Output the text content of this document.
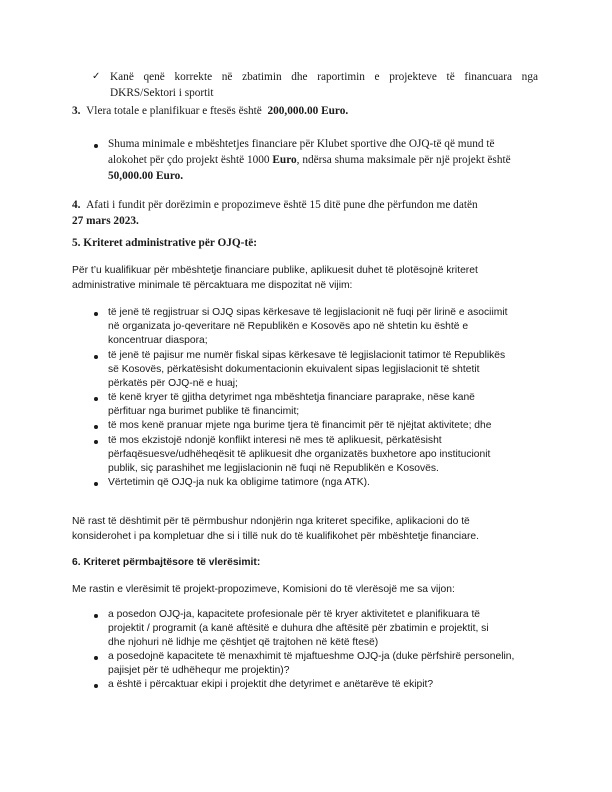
✓ Kanë qenë korrekte në zbatimin dhe raportimin e projekteve të financuara nga

DKRS/Sektori i sportit

3. Vlera totale e planifikuar e ftesës është 200,000.00 Euro.

Shuma minimale e mbështetjes financiare për Klubet sportive dhe OJQ-të që mund të

alokohet për çdo projekt është 1000 Euro, ndërsa shuma maksimale për një projekt është

50,000.00 Euro.

4. Afati i fundit për dorëzimin e propozimeve është 15 ditë pune dhe përfundon me datën

27 mars 2023.

5. Kriteret administrative për OJQ-të:

Për t’u kualifikuar për mbështetje financiare publike, aplikuesit duhet të plotësojnë kriteret

administrative minimale të përcaktuara me dispozitat në vijim:

të jenë të regjistruar si OJQ sipas kërkesave të legjislacionit në fuqi për lirinë e asociimit

në organizata jo-qeveritare në Republikën e Kosovës apo në shtetin ku është e

koncentruar diaspora;

të jenë të pajisur me numër fiskal sipas kërkesave të legjislacionit tatimor të Republikës

së Kosovës, përkatësisht dokumentacionin ekuivalent sipas legjislacionit të shtetit

përkatës për OJQ-në e huaj;

të kenë kryer të gjitha detyrimet nga mbështetja financiare paraprake, nëse kanë

përfituar nga burimet publike të financimit;

të mos kenë pranuar mjete nga burime tjera të financimit për të njëjtat aktivitete; dhe

të mos ekzistojë ndonjë konflikt interesi në mes të aplikuesit, përkatësisht

përfaqësuesve/udhëheqësit të aplikuesit dhe organizatës buxhetore apo institucionit

publik, siç parashihet me legjislacionin në fuqi në Republikën e Kosovës.

Vërtetimin që OJQ-ja nuk ka obligime tatimore (nga ATK).

Në rast të dështimit për të përmbushur ndonjërin nga kriteret specifike, aplikacioni do të

konsiderohet i pa kompletuar dhe si i tillë nuk do të kualifikohet për mbështetje financiare.

6. Kriteret përmbajtësore të vlerësimit:

Me rastin e vlerësimit të projekt-propozimeve, Komisioni do të vlerësojë me sa vijon:

a posedon OJQ-ja, kapacitete profesionale për të kryer aktivitetet e planifikuara të

projektit / programit (a kanë aftësitë e duhura dhe aftësitë për zbatimin e projektit, si

dhe njohuri në lidhje me çështjet që trajtohen në këtë ftesë)

a posedojnë kapacitete të menaxhimit të mjaftueshme OJQ-ja (duke përfshirë personelin,

pajisjet për të udhëhequr me projektin)?

a është i përcaktuar ekipi i projektit dhe detyrimet e anëtarëve të ekipit?
